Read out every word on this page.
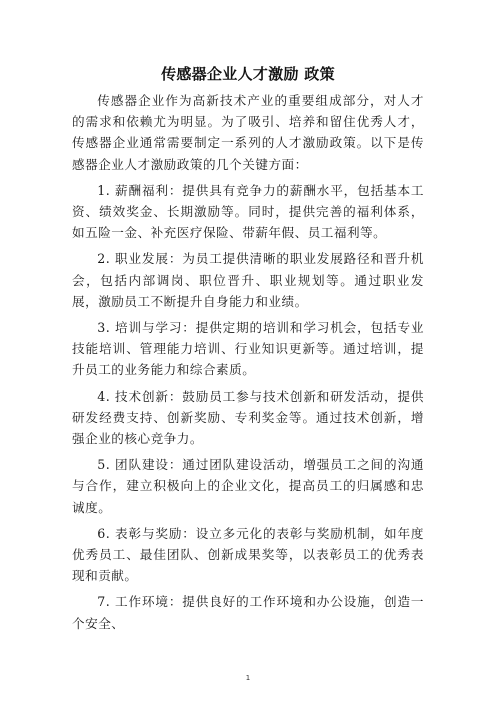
传感器企业人才激励 政策

传感器企业作为高新技术产业的重要组成部分，对人才的需求和依赖尤为明显。为了吸引、培养和留住优秀人才，传感器企业通常需要制定一系列的人才激励政策。以下是传感器企业人才激励政策的几个关键方面：

1. 薪酬福利：提供具有竞争力的薪酬水平，包括基本工资、绩效奖金、长期激励等。同时，提供完善的福利体系，如五险一金、补充医疗保险、带薪年假、员工福利等。

2. 职业发展：为员工提供清晰的职业发展路径和晋升机会，包括内部调岗、职位晋升、职业规划等。通过职业发展，激励员工不断提升自身能力和业绩。

3. 培训与学习：提供定期的培训和学习机会，包括专业技能培训、管理能力培训、行业知识更新等。通过培训，提升员工的业务能力和综合素质。

4. 技术创新：鼓励员工参与技术创新和研发活动，提供研发经费支持、创新奖励、专利奖金等。通过技术创新，增强企业的核心竞争力。

5. 团队建设：通过团队建设活动，增强员工之间的沟通与合作，建立积极向上的企业文化，提高员工的归属感和忠诚度。

6. 表彰与奖励：设立多元化的表彰与奖励机制，如年度优秀员工、最佳团队、创新成果奖等，以表彰员工的优秀表现和贡献。

7. 工作环境：提供良好的工作环境和办公设施，创造一个安全、

1
